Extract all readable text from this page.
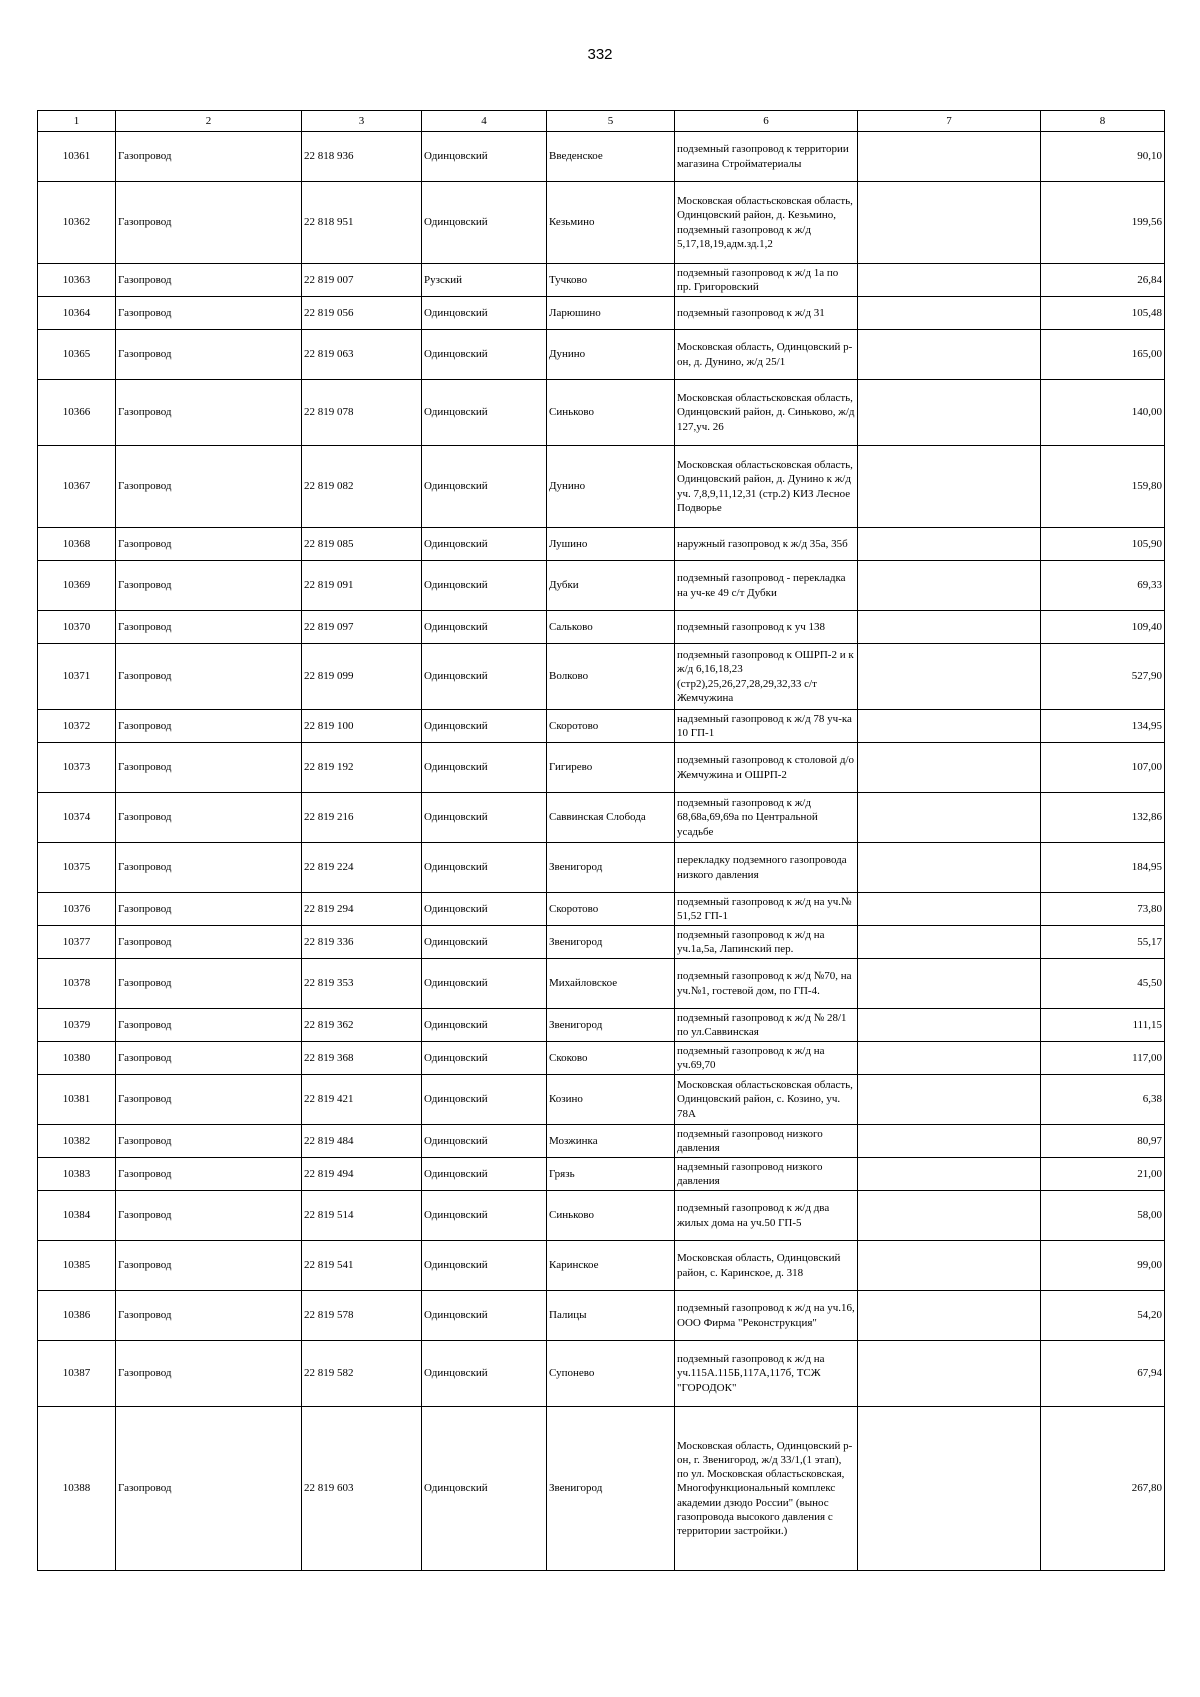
332
1	2	3	4	5	6	7	8
10361	Газопровод	22 818 936	Одинцовский	Введенское	подземный газопровод к территории магазина Стройматериалы		90,10
10362	Газопровод	22 818 951	Одинцовский	Кезьмино	Московская областьсковская область, Одинцовский район, д. Кезьмино, подземный газопровод к ж/д 5,17,18,19,адм.зд.1,2		199,56
10363	Газопровод	22 819 007	Рузский	Тучково	подземный газопровод к ж/д 1а по пр. Григоровский		26,84
10364	Газопровод	22 819 056	Одинцовский	Ларюшино	подземный газопровод к ж/д 31		105,48
10365	Газопровод	22 819 063	Одинцовский	Дунино	Московская область, Одинцовский р-он, д. Дунино, ж/д 25/1		165,00
10366	Газопровод	22 819 078	Одинцовский	Синьково	Московская областьсковская область, Одинцовский район, д. Синьково, ж/д 127,уч. 26		140,00
10367	Газопровод	22 819 082	Одинцовский	Дунино	Московская областьсковская область, Одинцовский район, д. Дунино к ж/д уч. 7,8,9,11,12,31 (стр.2) КИЗ Лесное Подворье		159,80
10368	Газопровод	22 819 085	Одинцовский	Лушино	наружный газопровод к ж/д 35а, 35б		105,90
10369	Газопровод	22 819 091	Одинцовский	Дубки	подземный газопровод - перекладка на уч-ке 49 с/т Дубки		69,33
10370	Газопровод	22 819 097	Одинцовский	Сальково	подземный газопровод к уч 138		109,40
10371	Газопровод	22 819 099	Одинцовский	Волково	подземный газопровод к ОШРП-2 и к ж/д 6,16,18,23 (стр2),25,26,27,28,29,32,33 с/т Жемчужина		527,90
10372	Газопровод	22 819 100	Одинцовский	Скоротово	надземный газопровод к ж/д 78 уч-ка 10 ГП-1		134,95
10373	Газопровод	22 819 192	Одинцовский	Гигирево	подземный газопровод к столовой д/о Жемчужина и ОШРП-2		107,00
10374	Газопровод	22 819 216	Одинцовский	Саввинская Слобода	подземный газопровод к ж/д 68,68а,69,69а по Центральной усадьбе		132,86
10375	Газопровод	22 819 224	Одинцовский	Звенигород	перекладку подземного газопровода низкого давления		184,95
10376	Газопровод	22 819 294	Одинцовский	Скоротово	подземный газопровод к ж/д на уч.№ 51,52 ГП-1		73,80
10377	Газопровод	22 819 336	Одинцовский	Звенигород	подземный газопровод к ж/д на уч.1а,5а, Лапинский пер.		55,17
10378	Газопровод	22 819 353	Одинцовский	Михайловское	подземный газопровод к ж/д №70, на уч.№1, гостевой дом, по ГП-4.		45,50
10379	Газопровод	22 819 362	Одинцовский	Звенигород	подземный газопровод к ж/д № 28/1 по ул.Саввинская		111,15
10380	Газопровод	22 819 368	Одинцовский	Скоково	подземный газопровод к ж/д на уч.69,70		117,00
10381	Газопровод	22 819 421	Одинцовский	Козино	Московская областьсковская область, Одинцовский район, с. Козино, уч. 78А		6,38
10382	Газопровод	22 819 484	Одинцовский	Мозжинка	подземный газопровод низкого давления		80,97
10383	Газопровод	22 819 494	Одинцовский	Грязь	надземный газопровод низкого давления		21,00
10384	Газопровод	22 819 514	Одинцовский	Синьково	подземный газопровод к ж/д два жилых дома на уч.50 ГП-5		58,00
10385	Газопровод	22 819 541	Одинцовский	Каринское	Московская область, Одинцовский район, с. Каринское, д. 318		99,00
10386	Газопровод	22 819 578	Одинцовский	Палицы	подземный газопровод к ж/д на уч.16, ООО Фирма "Реконструкция"		54,20
10387	Газопровод	22 819 582	Одинцовский	Супонево	подземный газопровод к ж/д на уч.115А.115Б,117А,117б, ТСЖ "ГОРОДОК"		67,94
10388	Газопровод	22 819 603	Одинцовский	Звенигород	Московская область, Одинцовский р-он, г. Звенигород, ж/д 33/1,(1 этап), по ул. Московская областьсковская, Многофункциональный комплекс академии дзюдо России" (вынос газопровода высокого давления с территории застройки.)		267,80
